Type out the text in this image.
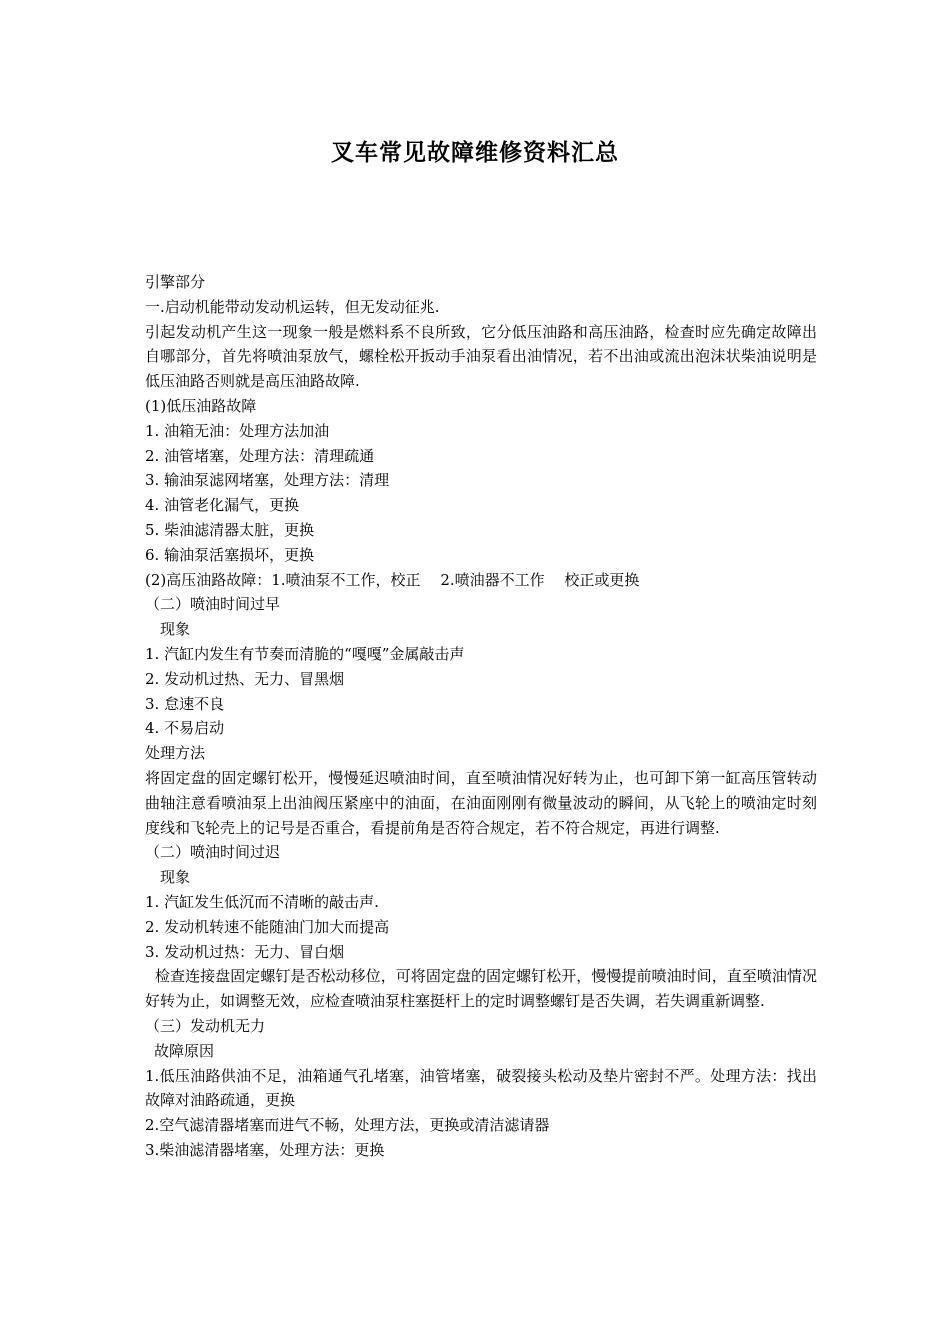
叉车常见故障维修资料汇总

引擎部分

一.启动机能带动发动机运转，但无发动征兆.

引起发动机产生这一现象一般是燃料系不良所致，它分低压油路和高压油路，检查时应先确定故障出自哪部分，首先将喷油泵放气，螺栓松开扳动手油泵看出油情况，若不出油或流出泡沫状柴油说明是低压油路否则就是高压油路故障.

(1)低压油路故障

1. 油箱无油：处理方法加油

2. 油管堵塞，处理方法：清理疏通

3. 输油泵滤网堵塞，处理方法：清理

4. 油管老化漏气，更换

5. 柴油滤清器太脏，更换

6. 输油泵活塞损坏，更换

(2)高压油路故障：1.喷油泵不工作，校正　 2.喷油器不工作　 校正或更换

（二）喷油时间过早

现象

1. 汽缸内发生有节奏而清脆的“嘎嘎”金属敲击声

2. 发动机过热、无力、冒黑烟

3. 怠速不良

4. 不易启动

处理方法

将固定盘的固定螺钉松开，慢慢延迟喷油时间，直至喷油情况好转为止，也可卸下第一缸高压管转动曲轴注意看喷油泵上出油阀压紧座中的油面，在油面刚刚有微量波动的瞬间，从飞轮上的喷油定时刻度线和飞轮壳上的记号是否重合，看提前角是否符合规定，若不符合规定，再进行调整.

（二）喷油时间过迟

现象

1. 汽缸发生低沉而不清晰的敲击声.

2. 发动机转速不能随油门加大而提高

3. 发动机过热：无力、冒白烟

检查连接盘固定螺钉是否松动移位，可将固定盘的固定螺钉松开，慢慢提前喷油时间，直至喷油情况好转为止，如调整无效，应检查喷油泵柱塞挺杆上的定时调整螺钉是否失调，若失调重新调整.

（三）发动机无力

故障原因

1.低压油路供油不足，油箱通气孔堵塞，油管堵塞，破裂接头松动及垫片密封不严。处理方法：找出故障对油路疏通，更换

2.空气滤清器堵塞而进气不畅，处理方法，更换或清洁滤请器

3.柴油滤清器堵塞，处理方法：更换
